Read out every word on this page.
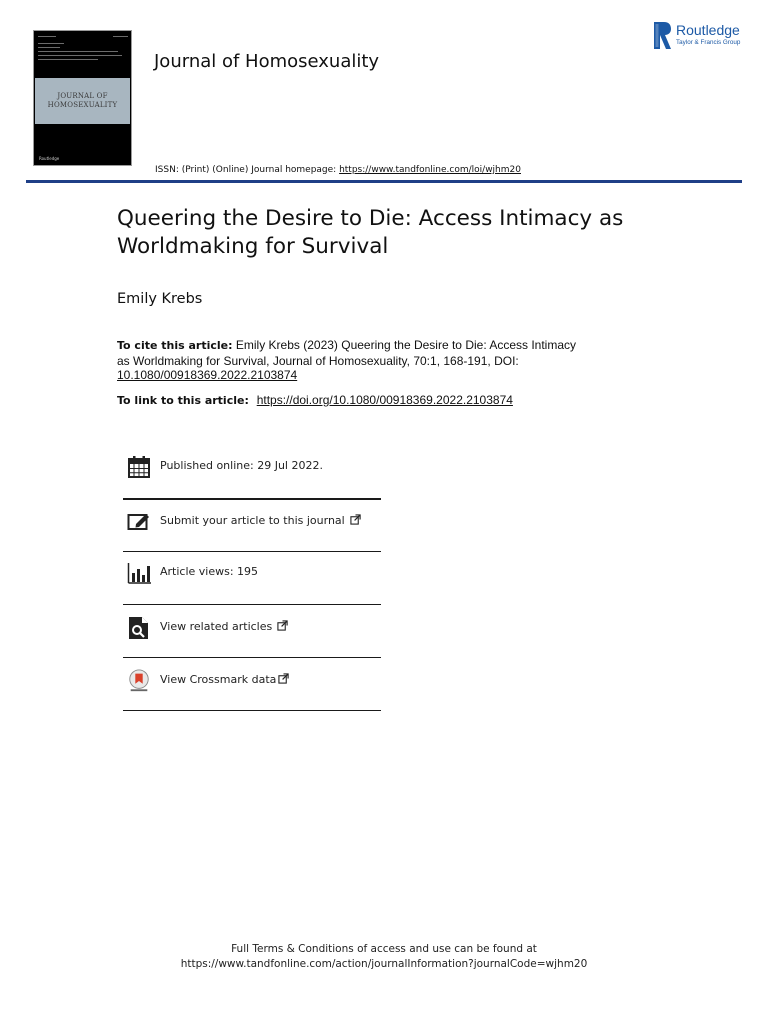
JOURNAL OF
HOMOSEXUALITY
Routledge
Journal of Homosexuality
ISSN: (Print) (Online) Journal homepage: https://www.tandfonline.com/loi/wjhm20
Routledge
Taylor & Francis Group
Queering the Desire to Die: Access Intimacy as Worldmaking for Survival
Emily Krebs
To cite this article: Emily Krebs (2023) Queering the Desire to Die: Access Intimacy as Worldmaking for Survival, Journal of Homosexuality, 70:1, 168-191, DOI: 10.1080/00918369.2022.2103874
To link to this article: https://doi.org/10.1080/00918369.2022.2103874
Published online: 29 Jul 2022.
Submit your article to this journal
Article views: 195
View related articles
View Crossmark data
Full Terms & Conditions of access and use can be found at
https://www.tandfonline.com/action/journalInformation?journalCode=wjhm20
